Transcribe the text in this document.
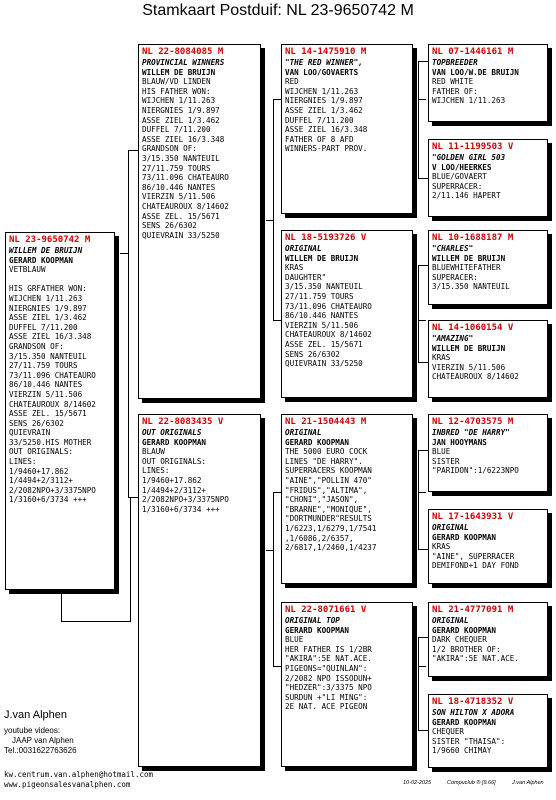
Stamkaart Postduif: NL 23-9650742 M
NL 23-9650742 M
WILLEM DE BRUIJN
GERARD KOOPMAN
VETBLAUW

HIS GRFATHER WON:
WIJCHEN 1/11.263
NIERGNIES 1/9.897
ASSE ZIEL 1/3.462
DUFFEL 7/11.200
ASSE ZIEL 16/3.348
GRANDSON OF:
3/15.350 NANTEUIL
27/11.759 TOURS
73/11.096 CHATEAURO
86/10.446 NANTES
VIERZIN 5/11.506
CHATEAUROUX 8/14602
ASSE ZEL. 15/5671
SENS 26/6302
QUIEVRAIN
33/5250.HIS MOTHER
OUT ORIGINALS:
LINES:
1/9460+17.862
1/4494+2/3112+
2/2082NPO+3/3375NPO
1/3160+6/3734 +++
NL 22-8084085 M
PROVINCIAL WINNERS
WILLEM DE BRUIJN
BLAUW/VD LINDEN
HIS FATHER WON:
WIJCHEN 1/11.263
NIERGNIES 1/9.897
ASSE ZIEL 1/3.462
DUFFEL 7/11.200
ASSE ZIEL 16/3.348
GRANDSON OF:
3/15.350 NANTEUIL
27/11.759 TOURS
73/11.096 CHATEAURO
86/10.446 NANTES
VIERZIN 5/11.506
CHATEAUROUX 8/14602
ASSE ZEL. 15/5671
SENS 26/6302
QUIEVRAIN 33/5250
NL 22-8083435 V
OUT ORIGINALS
GERARD KOOPMAN
BLAUW
OUT ORIGINALS:
LINES:
1/9460+17.862
1/4494+2/3112+
2/2082NPO+3/3375NPO
1/3160+6/3734 +++
NL 14-1475910 M
"THE RED WINNER",
VAN LOO/GOVAERTS
RED
WIJCHEN 1/11.263
NIERGNIES 1/9.897
ASSE ZIEL 1/3.462
DUFFEL 7/11.200
ASSE ZIEL 16/3.348
FATHER OF 8 AFD
WINNERS-PART PROV.
NL 18-5193726 V
ORIGINAL
WILLEM DE BRUIJN
KRAS
DAUGHTER"
3/15.350 NANTEUIL
27/11.759 TOURS
73/11.096 CHATEAURO
86/10.446 NANTES
VIERZIN 5/11.506
CHATEAUROUX 8/14602
ASSE ZEL. 15/5671
SENS 26/6302
QUIEVRAIN 33/5250
NL 21-1504443 M
ORIGINAL
GERARD KOOPMAN
THE 5000 EURO COCK
LINES "DE HARRY".
SUPERRACERS KOOPMAN
"AINE","POLLIN 470"
"FRIDUS","ALTIMA",
"CHONI","JASON",
"BRARNE","MONIQUE",
"DORTMUNDER"RESULTS
1/6223,1/6279,1/7541
,1/6086,2/6357,
2/6817,1/2460,1/4237
NL 22-8071661 V
ORIGINAL TOP
GERARD KOOPMAN
BLUE
HER FATHER IS 1/2BR
"AKIRA":5E NAT.ACE.
PIGEONS="QUINLAN":
2/2082 NPO ISSODUN+
"HEDZER":3/3375 NPO
SURDUN +"LI MING":
2E NAT. ACE PIGEON
NL 07-1446161 M
TOPBREEDER
VAN LOO/W.DE BRUIJN
RED WHITE
FATHER OF:
WIJCHEN 1/11.263
NL 11-1199503 V
"GOLDEN GIRL 503
V LOO/HEERKES
BLUE/GOVAERT
SUPERRACER:
2/11.146 HAPERT
NL 10-1688187 M
"CHARLES"
WILLEM DE BRUIJN
BLUEWHITEFATHER
SUPERACER:
3/15.350 NANTEUIL
NL 14-1060154 V
"AMAZING"
WILLEM DE BRUIJN
KRAS
VIERZIN 5/11.506
CHATEAUROUX 8/14602
NL 12-4703575 M
INBRED "DE HARRY"
JAN HOOYMANS
BLUE
SISTER
"PARIDON":1/6223NPO
NL 17-1643931 V
ORIGINAL
GERARD KOOPMAN
KRAS
"AINE", SUPERRACER
DEMIFOND+1 DAY FOND
NL 21-4777091 M
ORIGINAL
GERARD KOOPMAN
DARK CHEQUER
1/2 BROTHER OF:
"AKIRA":5E NAT.ACE.
NL 18-4718352 V
SON HILTON X ADORA
GERARD KOOPMAN
CHEQUER
SISTER "THAISA":
1/9660 CHIMAY
J.van Alphen
youtube videos:
JAAP van Alphen
Tel.:0031622763626
kw.centrum.van.alphen@hotmail.com
www.pigeonsalesvanalphen.com	10-02-2025	Compuclub ® [9.66]	J.van Alphen
